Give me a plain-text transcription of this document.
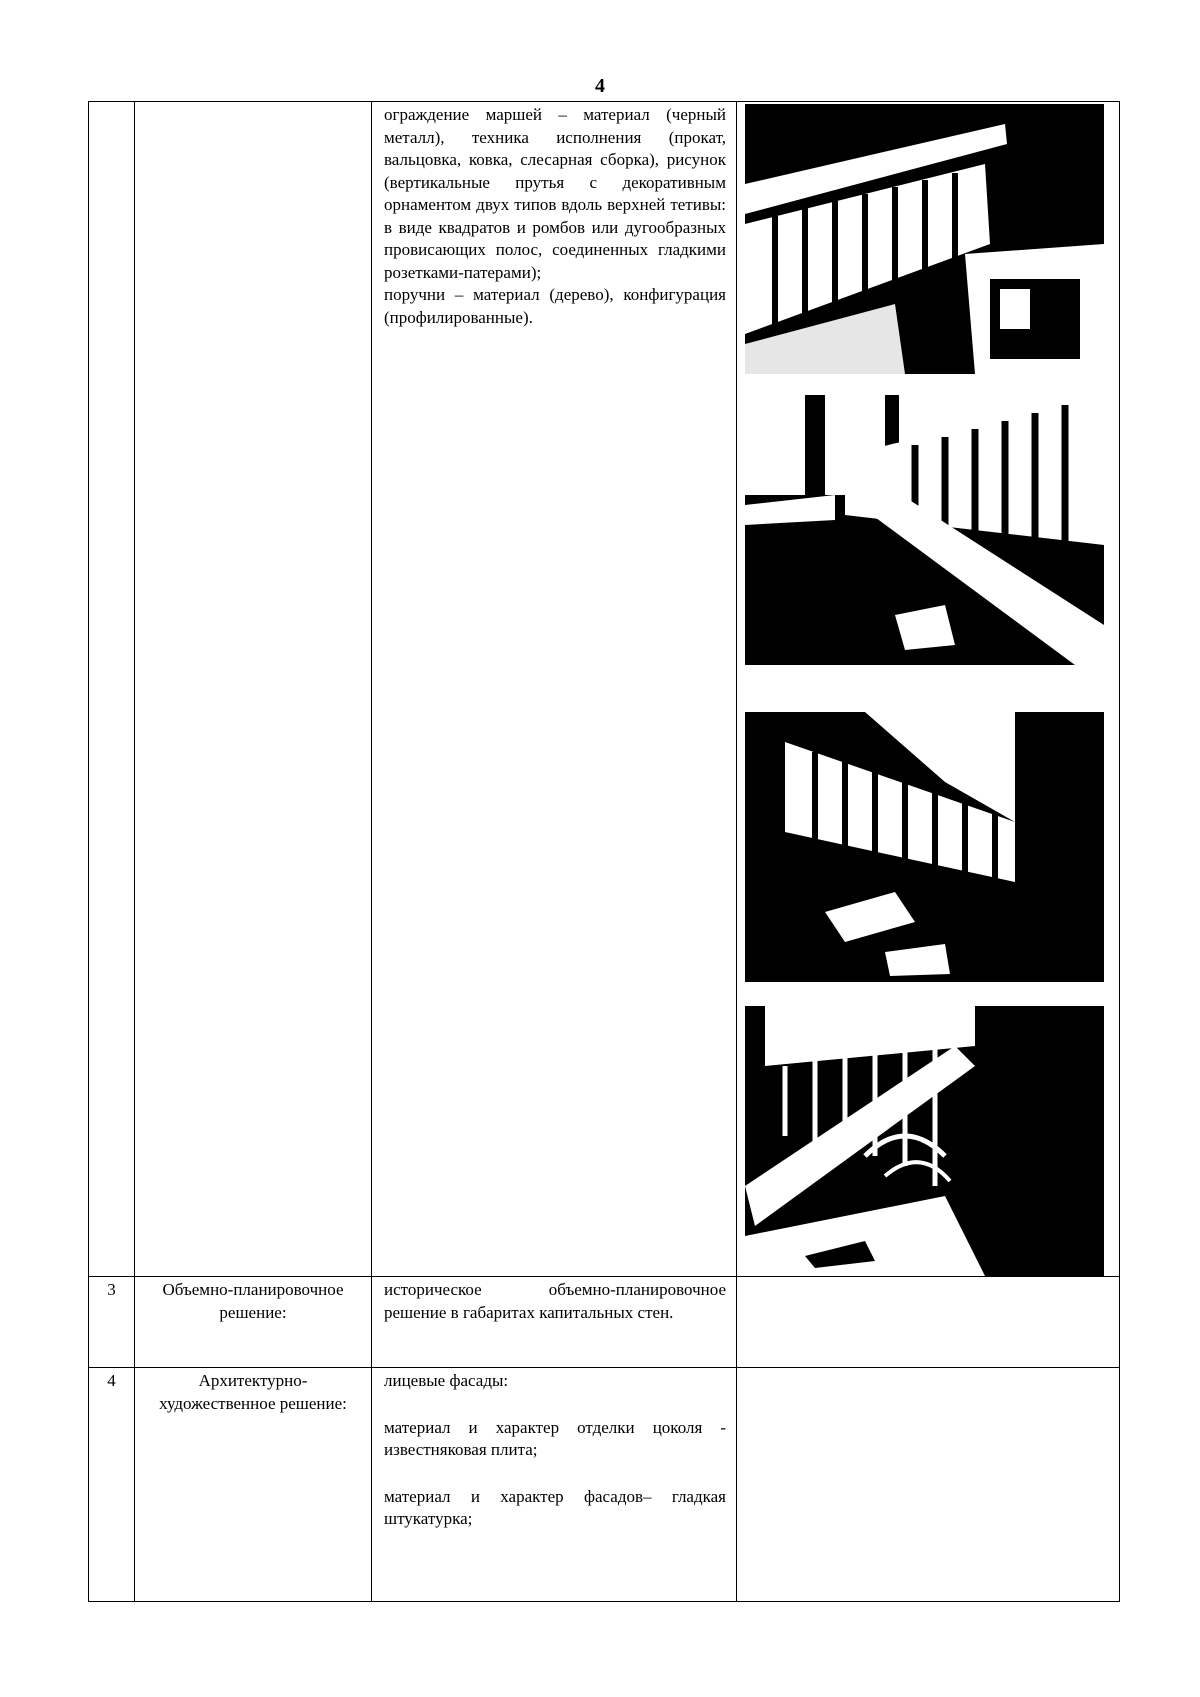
4

		ограждение маршей – материал (черный металл), техника исполнения (прокат, вальцовка, ковка, слесарная сборка), рисунок (вертикальные прутья с декоративным орнаментом двух типов вдоль верхней тетивы: в виде квадратов и ромбов или дугообразных провисающих полос, соединенных гладкими розетками-патерами);

поручни – материал (дерево), конфигурация (профилированные).

3	Объемно-планировочное решение:	историческое объемно-планировочное решение в габаритах капитальных стен.	

4	Архитектурно-художественное решение:	лицевые фасады:

материал и характер отделки цоколя - известняковая плита;

материал и характер фасадов– гладкая штукатурка;	
